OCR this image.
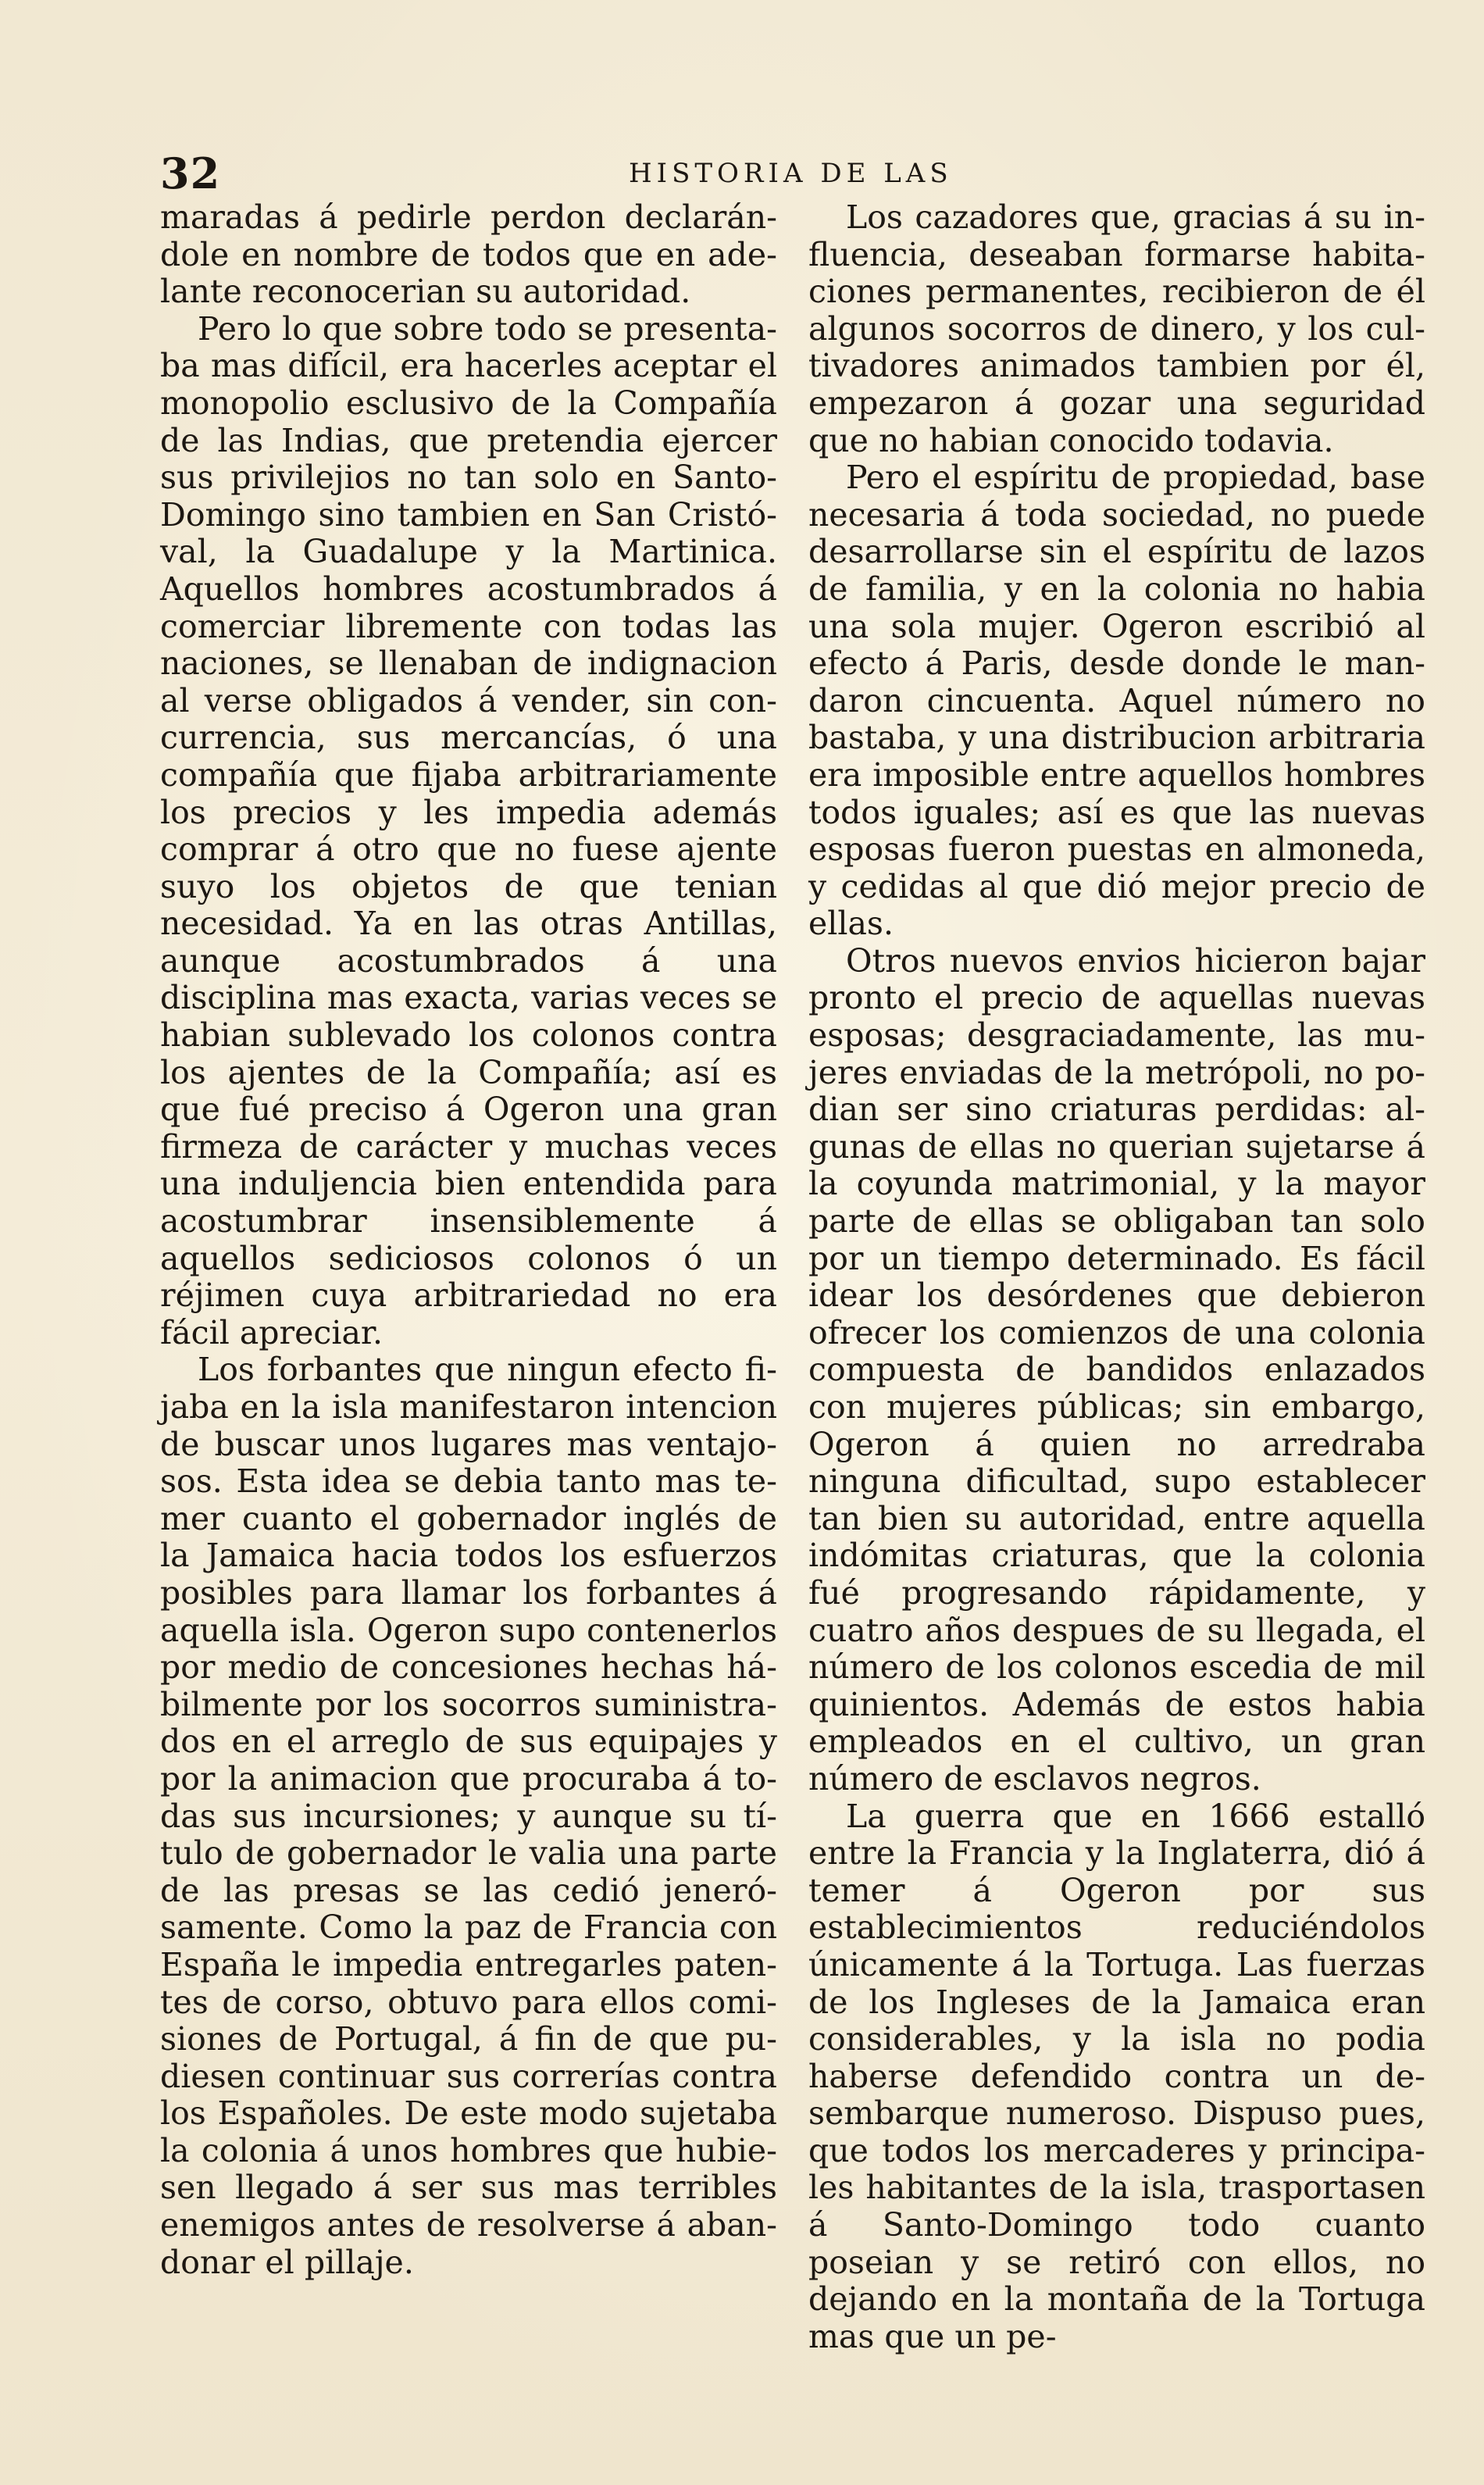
32	HISTORIA DE LAS

maradas á pedirle perdon declarándole en nombre de todos que en adelante reconocerian su autoridad.

Pero lo que sobre todo se presentaba mas difícil, era hacerles aceptar el monopolio esclusivo de la Compañía de las Indias, que pretendia ejercer sus privilejios no tan solo en Santo-Domingo sino tambien en San Cristóval, la Guadalupe y la Martinica. Aquellos hombres acostumbrados á comerciar libremente con todas las naciones, se llenaban de indignacion al verse obligados á vender, sin concurrencia, sus mercancías, ó una compañía que fijaba arbitrariamente los precios y les impedia además comprar á otro que no fuese ajente suyo los objetos de que tenian necesidad. Ya en las otras Antillas, aunque acostumbrados á una disciplina mas exacta, varias veces se habian sublevado los colonos contra los ajentes de la Compañía; así es que fué preciso á Ogeron una gran firmeza de carácter y muchas veces una induljencia bien entendida para acostumbrar insensiblemente á aquellos sediciosos colonos ó un réjimen cuya arbitrariedad no era fácil apreciar.

Los forbantes que ningun efecto fijaba en la isla manifestaron intencion de buscar unos lugares mas ventajosos. Esta idea se debia tanto mas temer cuanto el gobernador inglés de la Jamaica hacia todos los esfuerzos posibles para llamar los forbantes á aquella isla. Ogeron supo contenerlos por medio de concesiones hechas hábilmente por los socorros suministrados en el arreglo de sus equipajes y por la animacion que procuraba á todas sus incursiones; y aunque su título de gobernador le valia una parte de las presas se las cedió jenerósamente. Como la paz de Francia con España le impedia entregarles patentes de corso, obtuvo para ellos comisiones de Portugal, á fin de que pudiesen continuar sus correrías contra los Españoles. De este modo sujetaba la colonia á unos hombres que hubiesen llegado á ser sus mas terribles enemigos antes de resolverse á abandonar el pillaje.

Los cazadores que, gracias á su influencia, deseaban formarse habitaciones permanentes, recibieron de él algunos socorros de dinero, y los cultivadores animados tambien por él, empezaron á gozar una seguridad que no habian conocido todavia.

Pero el espíritu de propiedad, base necesaria á toda sociedad, no puede desarrollarse sin el espíritu de lazos de familia, y en la colonia no habia una sola mujer. Ogeron escribió al efecto á Paris, desde donde le mandaron cincuenta. Aquel número no bastaba, y una distribucion arbitraria era imposible entre aquellos hombres todos iguales; así es que las nuevas esposas fueron puestas en almoneda, y cedidas al que dió mejor precio de ellas.

Otros nuevos envios hicieron bajar pronto el precio de aquellas nuevas esposas; desgraciadamente, las mujeres enviadas de la metrópoli, no podian ser sino criaturas perdidas: algunas de ellas no querian sujetarse á la coyunda matrimonial, y la mayor parte de ellas se obligaban tan solo por un tiempo determinado. Es fácil idear los desórdenes que debieron ofrecer los comienzos de una colonia compuesta de bandidos enlazados con mujeres públicas; sin embargo, Ogeron á quien no arredraba ninguna dificultad, supo establecer tan bien su autoridad, entre aquella indómitas criaturas, que la colonia fué progresando rápidamente, y cuatro años despues de su llegada, el número de los colonos escedia de mil quinientos. Además de estos habia empleados en el cultivo, un gran número de esclavos negros.

La guerra que en 1666 estalló entre la Francia y la Inglaterra, dió á temer á Ogeron por sus establecimientos reduciéndolos únicamente á la Tortuga. Las fuerzas de los Ingleses de la Jamaica eran considerables, y la isla no podia haberse defendido contra un desembarque numeroso. Dispuso pues, que todos los mercaderes y principales habitantes de la isla, trasportasen á Santo-Domingo todo cuanto poseian y se retiró con ellos, no dejando en la montaña de la Tortuga mas que un pe-
